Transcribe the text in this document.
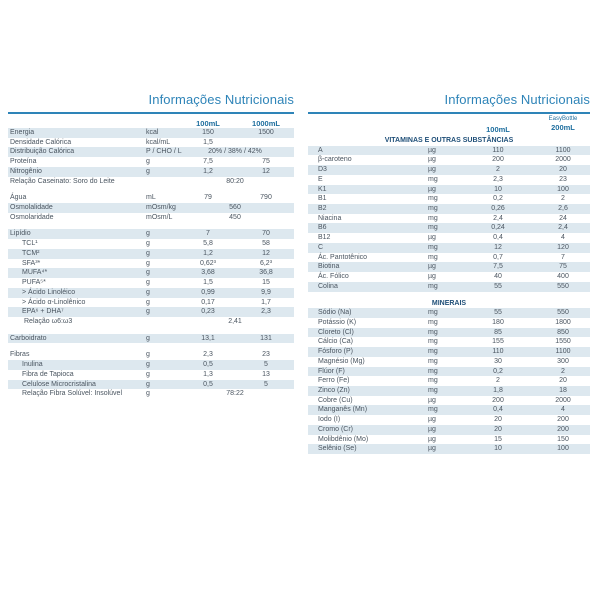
Informações Nutricionais
100mL	1000mL
Energia	kcal	150	1500
Densidade Calórica	kcal/mL	1,5
Distribuição Calórica	P / CHO / L	20% / 38% / 42%
Proteína	g	7,5	75
Nitrogênio	g	1,2	12
Relação Caseinato: Soro do Leite	80:20
Água	mL	79	790
Osmolalidade	mOsm/kg	560
Osmolaridade	mOsm/L	450
Lipídio	g	7	70
TCL¹	g	5,8	58
TCM²	g	1,2	12
SFA³*	g	0,62³	6,2³
MUFA⁴*	g	3,68	36,8
PUFA⁵*	g	1,5	15
> Ácido Linoléico	g	0,99	9,9
> Ácido α-Linolênico	g	0,17	1,7
EPA⁶ + DHA⁷	g	0,23	2,3
Relação ω6:ω3	2,41
Carboidrato	g	13,1	131
Fibras	g	2,3	23
Inulina	g	0,5	5
Fibra de Tapioca	g	1,3	13
Celulose Microcristalina	g	0,5	5
Relação Fibra Solúvel: Insolúvel	g	78:22
Informações Nutricionais
100mL
EasyBottle
200mL
VITAMINAS E OUTRAS SUBSTÂNCIAS
A	µg	110	1100
β-caroteno	µg	200	2000
D3	µg	2	20
E	mg	2,3	23
K1	µg	10	100
B1	mg	0,2	2
B2	mg	0,26	2,6
Niacina	mg	2,4	24
B6	mg	0,24	2,4
B12	µg	0,4	4
C	mg	12	120
Ác. Pantotênico	mg	0,7	7
Biotina	µg	7,5	75
Ác. Fólico	µg	40	400
Colina	mg	55	550
MINERAIS
Sódio (Na)	mg	55	550
Potássio (K)	mg	180	1800
Cloreto (Cl)	mg	85	850
Cálcio (Ca)	mg	155	1550
Fósforo (P)	mg	110	1100
Magnésio (Mg)	mg	30	300
Flúor (F)	mg	0,2	2
Ferro (Fe)	mg	2	20
Zinco (Zn)	mg	1,8	18
Cobre (Cu)	µg	200	2000
Manganês (Mn)	mg	0,4	4
Iodo (I)	µg	20	200
Cromo (Cr)	µg	20	200
Molibdênio (Mo)	µg	15	150
Selênio (Se)	µg	10	100
